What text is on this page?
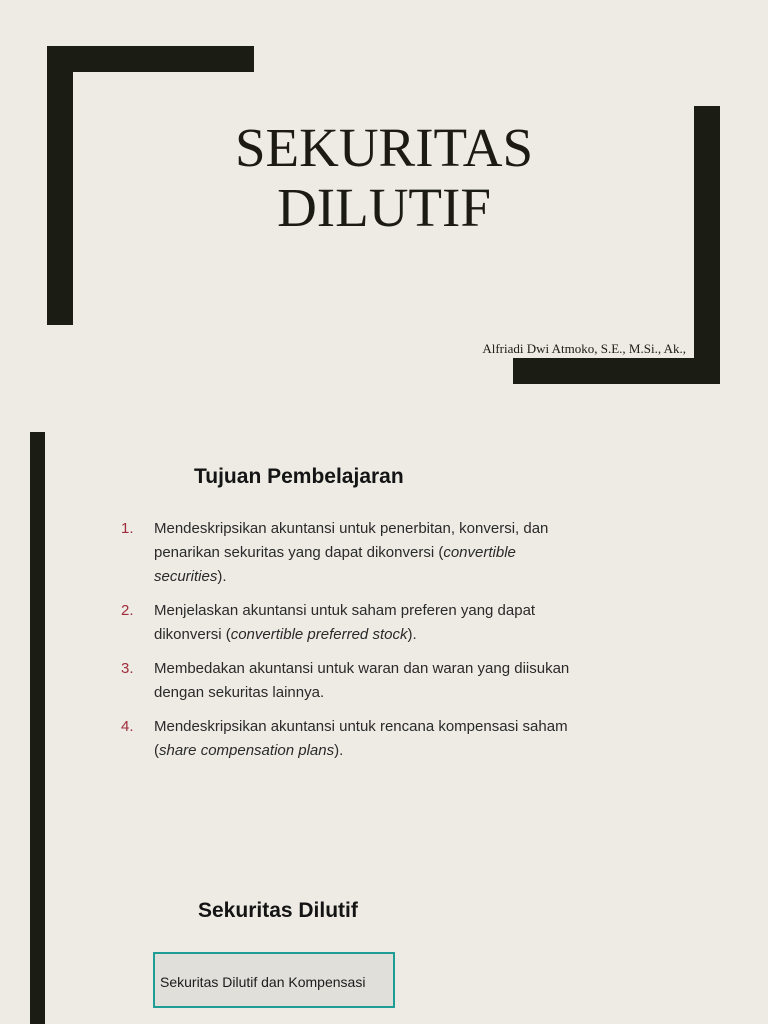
SEKURITAS
DILUTIF
Alfriadi Dwi Atmoko, S.E., M.Si., Ak.,
Tujuan Pembelajaran
1. Mendeskripsikan akuntansi untuk penerbitan, konversi, dan penarikan sekuritas yang dapat dikonversi (convertible securities).
2. Menjelaskan akuntansi untuk saham preferen yang dapat dikonversi (convertible preferred stock).
3. Membedakan akuntansi untuk waran dan waran yang diisukan dengan sekuritas lainnya.
4. Mendeskripsikan akuntansi untuk rencana kompensasi saham (share compensation plans).
Sekuritas Dilutif
Sekuritas Dilutif dan Kompensasi
